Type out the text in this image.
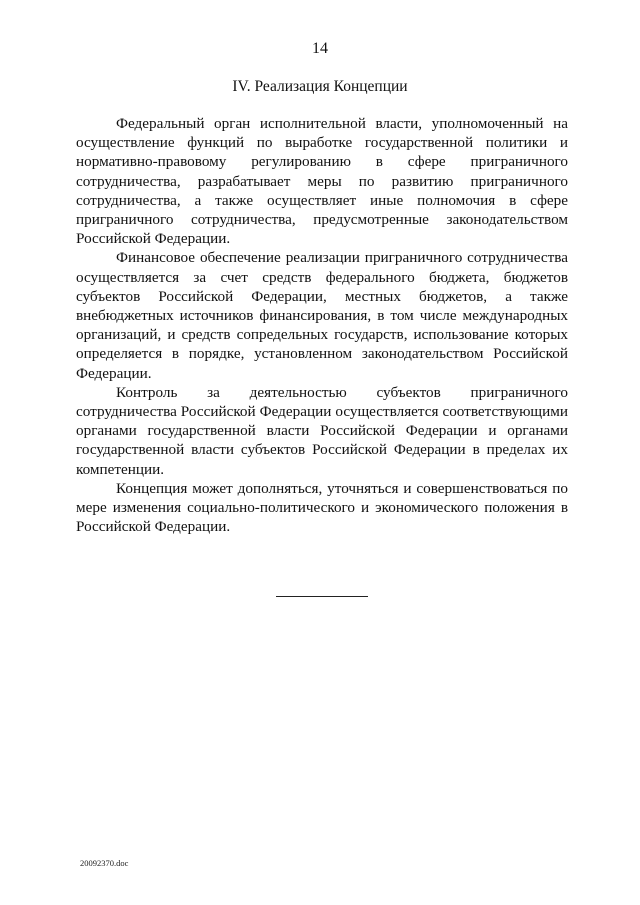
14
IV. Реализация Концепции

Федеральный орган исполнительной власти, уполномоченный на осуществление функций по выработке государственной политики и нормативно-правовому регулированию в сфере приграничного сотрудничества, разрабатывает меры по развитию приграничного сотрудничества, а также осуществляет иные полномочия в сфере приграничного сотрудничества, предусмотренные законодательством Российской Федерации.

Финансовое обеспечение реализации приграничного сотрудничества осуществляется за счет средств федерального бюджета, бюджетов субъектов Российской Федерации, местных бюджетов, а также внебюджетных источников финансирования, в том числе международных организаций, и средств сопредельных государств, использование которых определяется в порядке, установленном законодательством Российской Федерации.

Контроль за деятельностью субъектов приграничного сотрудничества Российской Федерации осуществляется соответствующими органами государственной власти Российской Федерации и органами государственной власти субъектов Российской Федерации в пределах их компетенции.

Концепция может дополняться, уточняться и совершенствоваться по мере изменения социально-политического и экономического положения в Российской Федерации.

20092370.doc
